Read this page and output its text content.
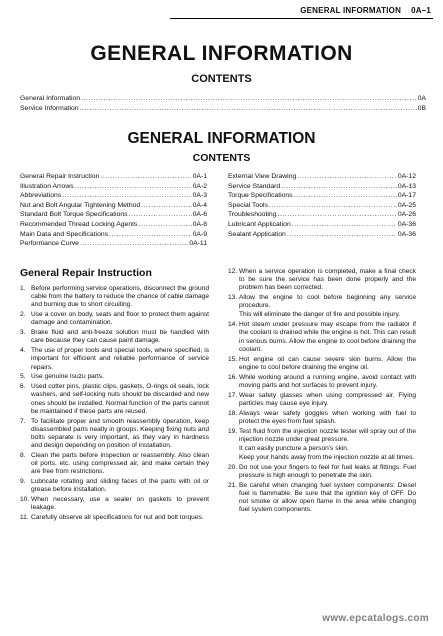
GENERAL INFORMATION 0A–1
GENERAL INFORMATION
CONTENTS
General Information .....	0A
Service Information .....	0B
GENERAL INFORMATION
CONTENTS
General Repair Instruction .....	0A-1
Illustration Arrows .....	0A-2
Abbreviations .....	0A-3
Nut and Bolt Angular Tightening Method .....	0A-4
Standard Bolt Torque Specifications .....	0A-6
Recommended Thread Locking Agents .....	0A-8
Main Data and Specifications .....	0A-9
Performance Curve .....	0A-11
External View Drawing .....	0A-12
Service Standard .....	0A-13
Torque Specifications .....	0A-17
Special Tools .....	0A-25
Troubleshooting .....	0A-26
Lubricant Application .....	0A-36
Sealant Application .....	0A-36
General Repair Instruction
1. Before performing service operations, disconnect the ground cable from the battery to reduce the chance of cable damage and burning due to short circuiting.
2. Use a cover on body, seats and floor to protect them against damage and contamination.
3. Brake fluid and anti-freeze solution must be handled with care because they can cause paint damage.
4. The use of proper tools and special tools, where specified, is important for efficient and reliable performance of service repairs.
5. Use genuine Isuzu parts.
6. Used cotter pins, plastic clips, gaskets, O-rings oil seals, lock washers, and self-locking nuts should be discarded and new ones should be installed. Normal function of the parts cannot be maintained if these parts are reused.
7. To facilitate proper and smooth reassembly operation, keep disassembled parts neatly in groups. Keeping fixing nuts and bolts separate is very important, as they vary in hardness and design depending on position of installation.
8. Clean the parts before inspection or reassembly. Also clean oil ports, etc. using compressed air, and make certain they are free from restrictions.
9. Lubricate rotating and sliding faces of the parts with oil or grease before installation.
10. When necessary, use a sealer on gaskets to prevent leakage.
11. Carefully observe all specifications for nut and bolt torques.
12. When a service operation is completed, make a final check to be sure the service has been done properly and the problem has been corrected.
13. Allow the engine to cool before beginning any service procedure.
This will eliminate the danger of fire and possible injury.
14. Hot steam under pressure may escape from the radiator if the coolant is drained while the engine is hot. This can result in serious burns. Allow the engine to cool before draining the coolant.
15. Hot engine oil can cause severe skin burns. Allow the engine to cool before draining the engine oil.
16. While working around a running engine, avoid contact with moving parts and hot surfaces to prevent injury.
17. Wear safety glasses when using compressed air. Flying particles may cause eye injury.
18. Always wear safety goggles when working with fuel to protect the eyes from fuel splash.
19. Test fluid from the injection nozzle tester will spray out of the injection nozzle under great pressure.
It can easily puncture a person's skin.
Keep your hands away from the injection nozzle at all times.
20. Do not use your fingers to feel for fuel leaks at fittings. Fuel pressure is high enough to penetrate the skin.
21. Be careful when changing fuel system components: Diesel fuel is flammable. Be sure that the ignition key of OFF. Do not smoke or allow open flame in the area while changing fuel system components.
www.epcatalogs.com
